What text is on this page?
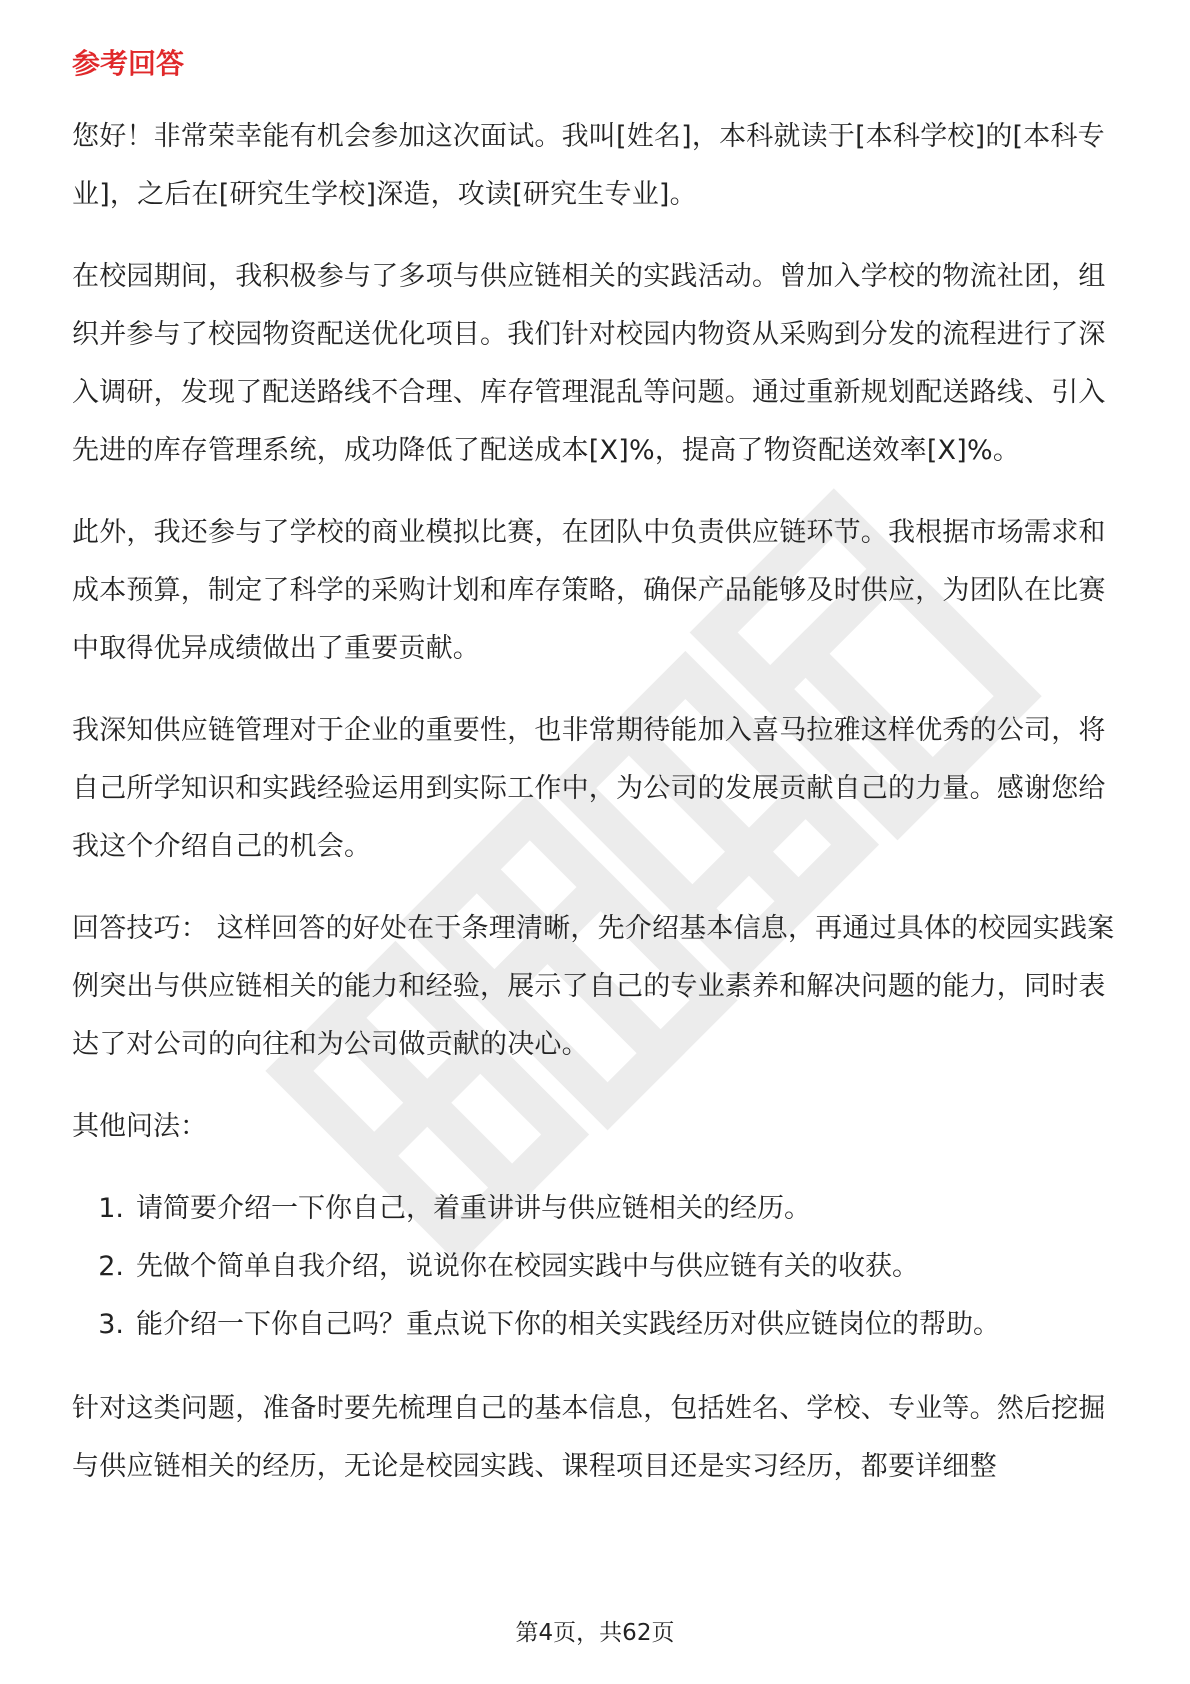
参考回答

您好！非常荣幸能有机会参加这次面试。我叫[姓名]，本科就读于[本科学校]的[本科专业]，之后在[研究生学校]深造，攻读[研究生专业]。

在校园期间，我积极参与了多项与供应链相关的实践活动。曾加入学校的物流社团，组织并参与了校园物资配送优化项目。我们针对校园内物资从采购到分发的流程进行了深入调研，发现了配送路线不合理、库存管理混乱等问题。通过重新规划配送路线、引入先进的库存管理系统，成功降低了配送成本[X]%，提高了物资配送效率[X]%。

此外，我还参与了学校的商业模拟比赛，在团队中负责供应链环节。我根据市场需求和成本预算，制定了科学的采购计划和库存策略，确保产品能够及时供应，为团队在比赛中取得优异成绩做出了重要贡献。

我深知供应链管理对于企业的重要性，也非常期待能加入喜马拉雅这样优秀的公司，将自己所学知识和实践经验运用到实际工作中，为公司的发展贡献自己的力量。感谢您给我这个介绍自己的机会。

回答技巧： 这样回答的好处在于条理清晰，先介绍基本信息，再通过具体的校园实践案例突出与供应链相关的能力和经验，展示了自己的专业素养和解决问题的能力，同时表达了对公司的向往和为公司做贡献的决心。

其他问法：
1. 请简要介绍一下你自己，着重讲讲与供应链相关的经历。
2. 先做个简单自我介绍，说说你在校园实践中与供应链有关的收获。
3. 能介绍一下你自己吗？重点说下你的相关实践经历对供应链岗位的帮助。

针对这类问题，准备时要先梳理自己的基本信息，包括姓名、学校、专业等。然后挖掘与供应链相关的经历，无论是校园实践、课程项目还是实习经历，都要详细整

第4页，共62页
